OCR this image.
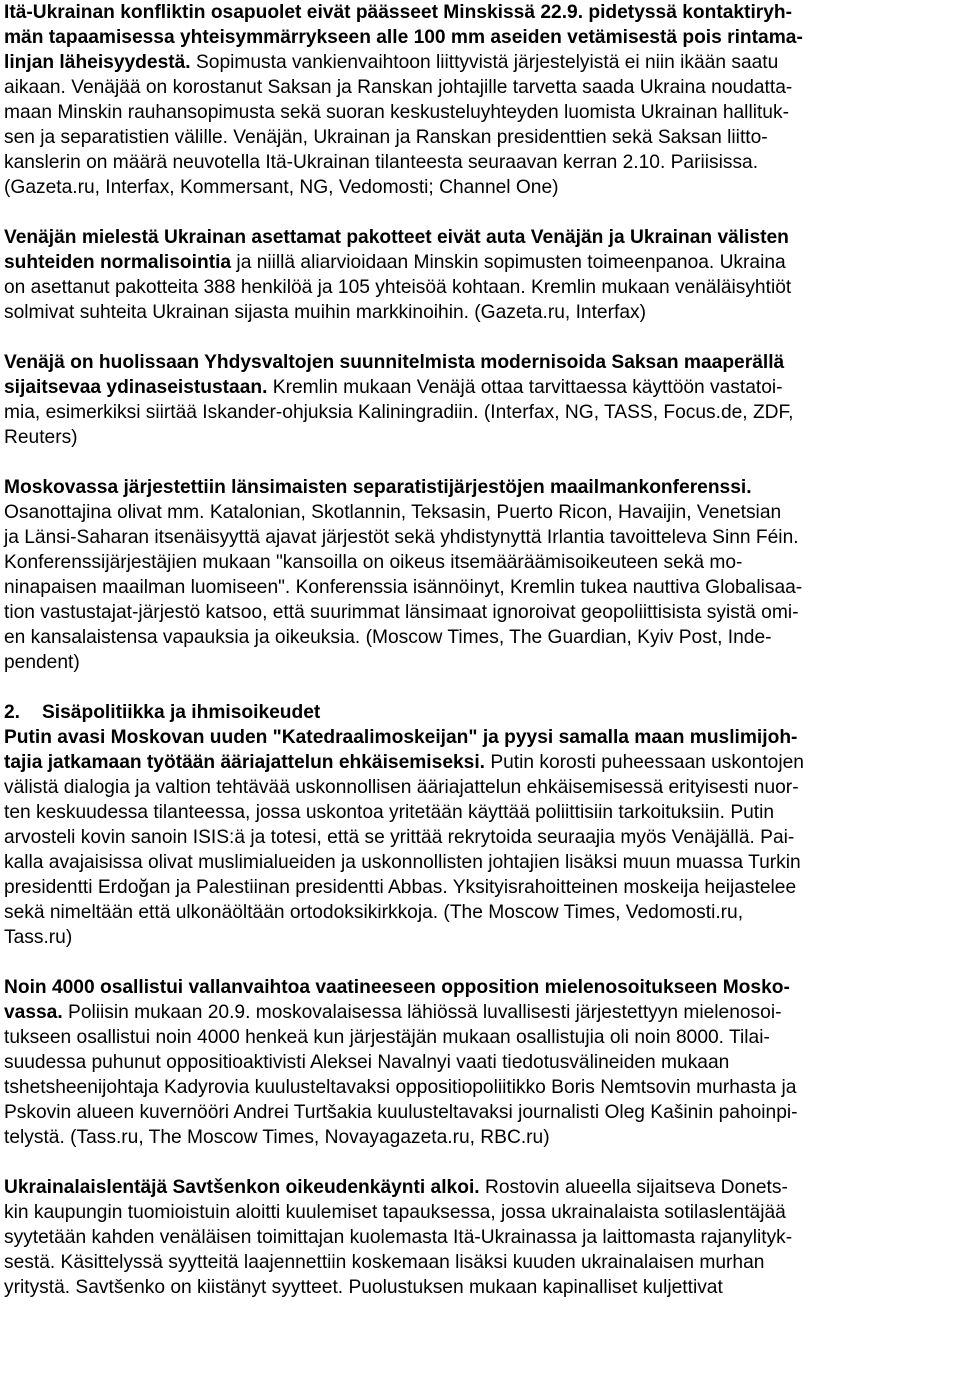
Itä-Ukrainan konfliktin osapuolet eivät päässeet Minskissä 22.9. pidetyssä kontaktiryh-
män tapaamisessa yhteisymmärrykseen alle 100 mm aseiden vetämisestä pois rintama-
linjan läheisyydestä. Sopimusta vankienvaihtoon liittyvistä järjestelyistä ei niin ikään saatu
aikaan. Venäjää on korostanut Saksan ja Ranskan johtajille tarvetta saada Ukraina noudatta-
maan Minskin rauhansopimusta sekä suoran keskusteluyhteyden luomista Ukrainan hallituk-
sen ja separatistien välille. Venäjän, Ukrainan ja Ranskan presidenttien sekä Saksan liitto-
kanslerin on määrä neuvotella Itä-Ukrainan tilanteesta seuraavan kerran 2.10. Pariisissa.
(Gazeta.ru, Interfax, Kommersant, NG, Vedomosti; Channel One)
Venäjän mielestä Ukrainan asettamat pakotteet eivät auta Venäjän ja Ukrainan välisten
suhteiden normalisointia ja niillä aliarvioidaan Minskin sopimusten toimeenpanoa. Ukraina
on asettanut pakotteita 388 henkilöä ja 105 yhteisöä kohtaan. Kremlin mukaan venäläisyhtiöt
solmivat suhteita Ukrainan sijasta muihin markkinoihin. (Gazeta.ru, Interfax)
Venäjä on huolissaan Yhdysvaltojen suunnitelmista modernisoida Saksan maaperällä
sijaitsevaa ydinaseistustaan. Kremlin mukaan Venäjä ottaa tarvittaessa käyttöön vastatoi-
mia, esimerkiksi siirtää Iskander-ohjuksia Kaliningradiin. (Interfax, NG, TASS, Focus.de, ZDF,
Reuters)
Moskovassa järjestettiin länsimaisten separatistijärjestöjen maailmankonferenssi.
Osanottajina olivat mm. Katalonian, Skotlannin, Teksasin, Puerto Ricon, Havaijin, Venetsian
ja Länsi-Saharan itsenäisyyttä ajavat järjestöt sekä yhdistynyttä Irlantia tavoitteleva Sinn Féin.
Konferenssijärjestäjien mukaan "kansoilla on oikeus itsemääräämisoikeuteen sekä mo-
ninapaisen maailman luomiseen". Konferenssia isännöinyt, Kremlin tukea nauttiva Globalisaa-
tion vastustajat-järjestö katsoo, että suurimmat länsimaat ignoroivat geopoliittisista syistä omi-
en kansalaistensa vapauksia ja oikeuksia. (Moscow Times, The Guardian, Kyiv Post, Inde-
pendent)
2. Sisäpolitiikka ja ihmisoikeudet
Putin avasi Moskovan uuden "Katedraalimoskeijan" ja pyysi samalla maan muslimijoh-
tajia jatkamaan työtään ääriajattelun ehkäisemiseksi. Putin korosti puheessaan uskontojen
välistä dialogia ja valtion tehtävää uskonnollisen ääriajattelun ehkäisemisessä erityisesti nuor-
ten keskuudessa tilanteessa, jossa uskontoa yritetään käyttää poliittisiin tarkoituksiin. Putin
arvosteli kovin sanoin ISIS:ä ja totesi, että se yrittää rekrytoida seuraajia myös Venäjällä. Pai-
kalla avajaisissa olivat muslimialueiden ja uskonnollisten johtajien lisäksi muun muassa Turkin
presidentti Erdoğan ja Palestiinan presidentti Abbas. Yksityisrahoitteinen moskeija heijastelee
sekä nimeltään että ulkonäöltään ortodoksikirkkoja. (The Moscow Times, Vedomosti.ru,
Tass.ru)
Noin 4000 osallistui vallanvaihtoa vaatineeseen opposition mielenosoitukseen Mosko-
vassa. Poliisin mukaan 20.9. moskovalaisessa lähiössä luvallisesti järjestettyyn mielenosoi-
tukseen osallistui noin 4000 henkeä kun järjestäjän mukaan osallistujia oli noin 8000. Tilai-
suudessa puhunut oppositioaktivisti Aleksei Navalnyi vaati tiedotusvälineiden mukaan
tshetsheenijohtaja Kadyrovia kuulusteltavaksi oppositiopoliitikko Boris Nemtsovin murhasta ja
Pskovin alueen kuvernööri Andrei Turtšakia kuulusteltavaksi journalisti Oleg Kašinin pahoinpi-
telystä. (Tass.ru, The Moscow Times, Novayagazeta.ru, RBC.ru)
Ukrainalaislentäjä Savtšenkon oikeudenkäynti alkoi. Rostovin alueella sijaitseva Donets-
kin kaupungin tuomioistuin aloitti kuulemiset tapauksessa, jossa ukrainalaista sotilaslentäjää
syytetään kahden venäläisen toimittajan kuolemasta Itä-Ukrainassa ja laittomasta rajanylityk-
sestä. Käsittelyssä syytteitä laajennettiin koskemaan lisäksi kuuden ukrainalaisen murhan
yritystä. Savtšenko on kiistänyt syytteet. Puolustuksen mukaan kapinalliset kuljettivat
